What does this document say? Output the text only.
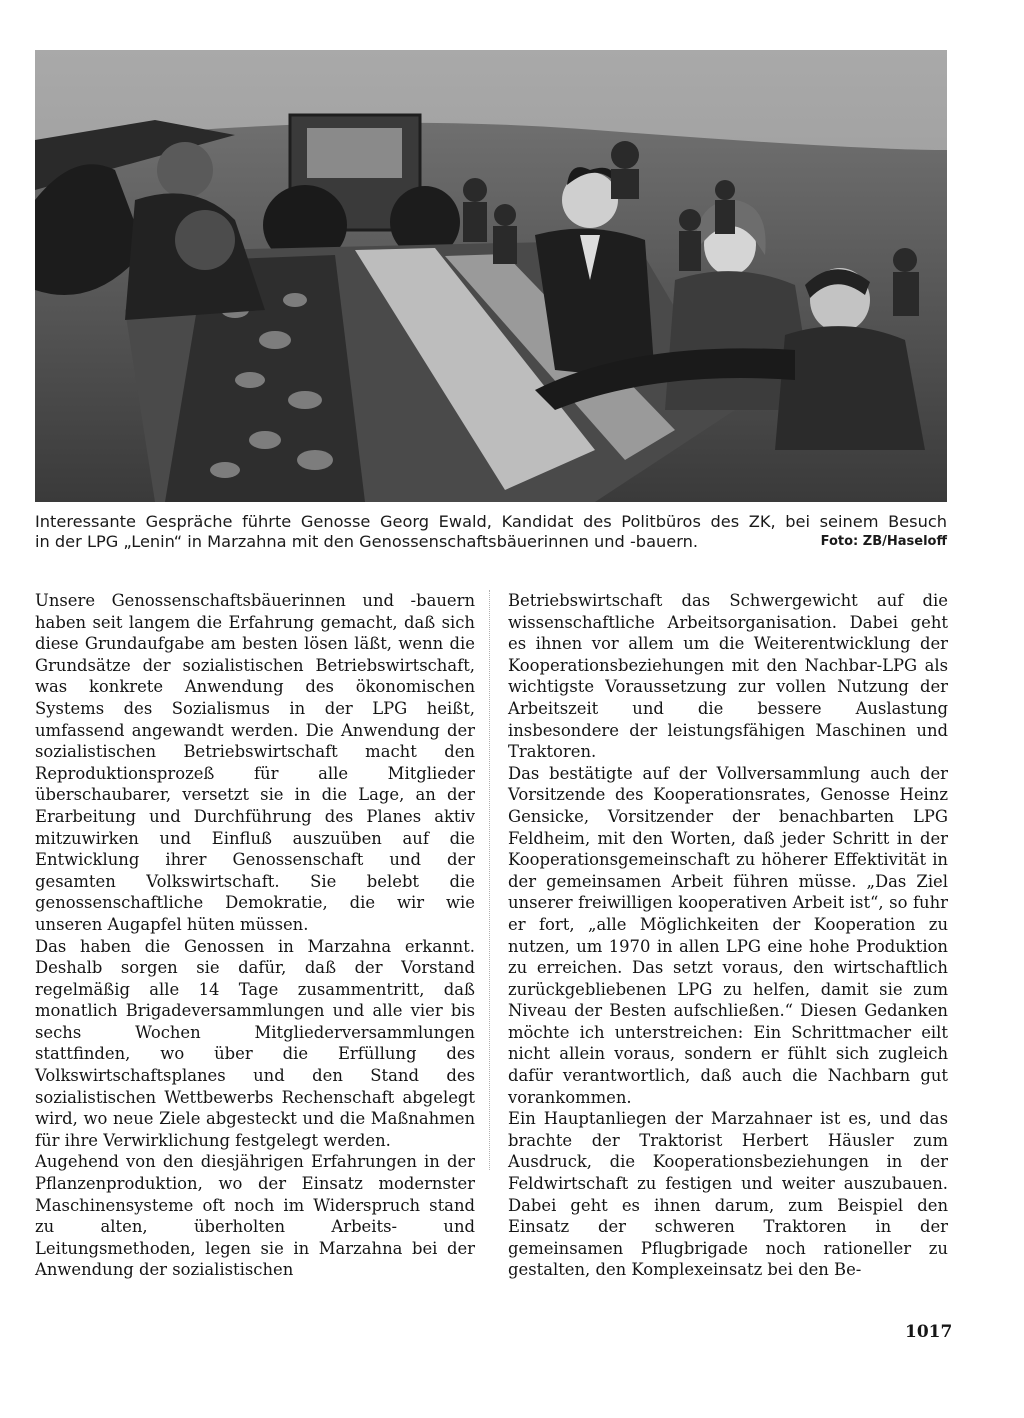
Interessante Gespräche führte Genosse Georg Ewald, Kandidat des Politbüros des ZK, bei seinem Besuch
in der LPG „Lenin“ in Marzahna mit den Genossenschaftsbäuerinnen und -bauern.	Foto: ZB/Haseloff

Unsere Genossenschaftsbäuerinnen und -bauern haben seit langem die Erfahrung gemacht, daß sich diese Grundaufgabe am besten lösen läßt, wenn die Grundsätze der sozialistischen Betriebswirtschaft, was konkrete Anwendung des ökonomischen Systems des Sozialismus in der LPG heißt, umfassend angewandt werden. Die Anwendung der sozialistischen Betriebswirtschaft macht den Reproduktionsprozeß für alle Mitglieder überschaubarer, versetzt sie in die Lage, an der Erarbeitung und Durchführung des Planes aktiv mitzuwirken und Einfluß auszuüben auf die Entwicklung ihrer Genossenschaft und der gesamten Volkswirtschaft. Sie belebt die genossenschaftliche Demokratie, die wir wie unseren Augapfel hüten müssen.

Das haben die Genossen in Marzahna erkannt. Deshalb sorgen sie dafür, daß der Vorstand regelmäßig alle 14 Tage zusammentritt, daß monatlich Brigadeversammlungen und alle vier bis sechs Wochen Mitgliederversammlungen stattfinden, wo über die Erfüllung des Volkswirtschaftsplanes und den Stand des sozialistischen Wettbewerbs Rechenschaft abgelegt wird, wo neue Ziele abgesteckt und die Maßnahmen für ihre Verwirklichung festgelegt werden.

Augehend von den diesjährigen Erfahrungen in der Pflanzenproduktion, wo der Einsatz modernster Maschinensysteme oft noch im Widerspruch stand zu alten, überholten Arbeits- und Leitungsmethoden, legen sie in Marzahna bei der Anwendung der sozialistischen

Betriebswirtschaft das Schwergewicht auf die wissenschaftliche Arbeitsorganisation. Dabei geht es ihnen vor allem um die Weiterentwicklung der Kooperationsbeziehungen mit den Nachbar-LPG als wichtigste Voraussetzung zur vollen Nutzung der Arbeitszeit und die bessere Auslastung insbesondere der leistungsfähigen Maschinen und Traktoren.

Das bestätigte auf der Vollversammlung auch der Vorsitzende des Kooperationsrates, Genosse Heinz Gensicke, Vorsitzender der benachbarten LPG Feldheim, mit den Worten, daß jeder Schritt in der Kooperationsgemeinschaft zu höherer Effektivität in der gemeinsamen Arbeit führen müsse. „Das Ziel unserer freiwilligen kooperativen Arbeit ist“, so fuhr er fort, „alle Möglichkeiten der Kooperation zu nutzen, um 1970 in allen LPG eine hohe Produktion zu erreichen. Das setzt voraus, den wirtschaftlich zurückgebliebenen LPG zu helfen, damit sie zum Niveau der Besten aufschließen.“ Diesen Gedanken möchte ich unterstreichen: Ein Schrittmacher eilt nicht allein voraus, sondern er fühlt sich zugleich dafür verantwortlich, daß auch die Nachbarn gut vorankommen.

Ein Hauptanliegen der Marzahnaer ist es, und das brachte der Traktorist Herbert Häusler zum Ausdruck, die Kooperationsbeziehungen in der Feldwirtschaft zu festigen und weiter auszubauen. Dabei geht es ihnen darum, zum Beispiel den Einsatz der schweren Traktoren in der gemeinsamen Pflugbrigade noch rationeller zu gestalten, den Komplexeinsatz bei den Be-

1017
